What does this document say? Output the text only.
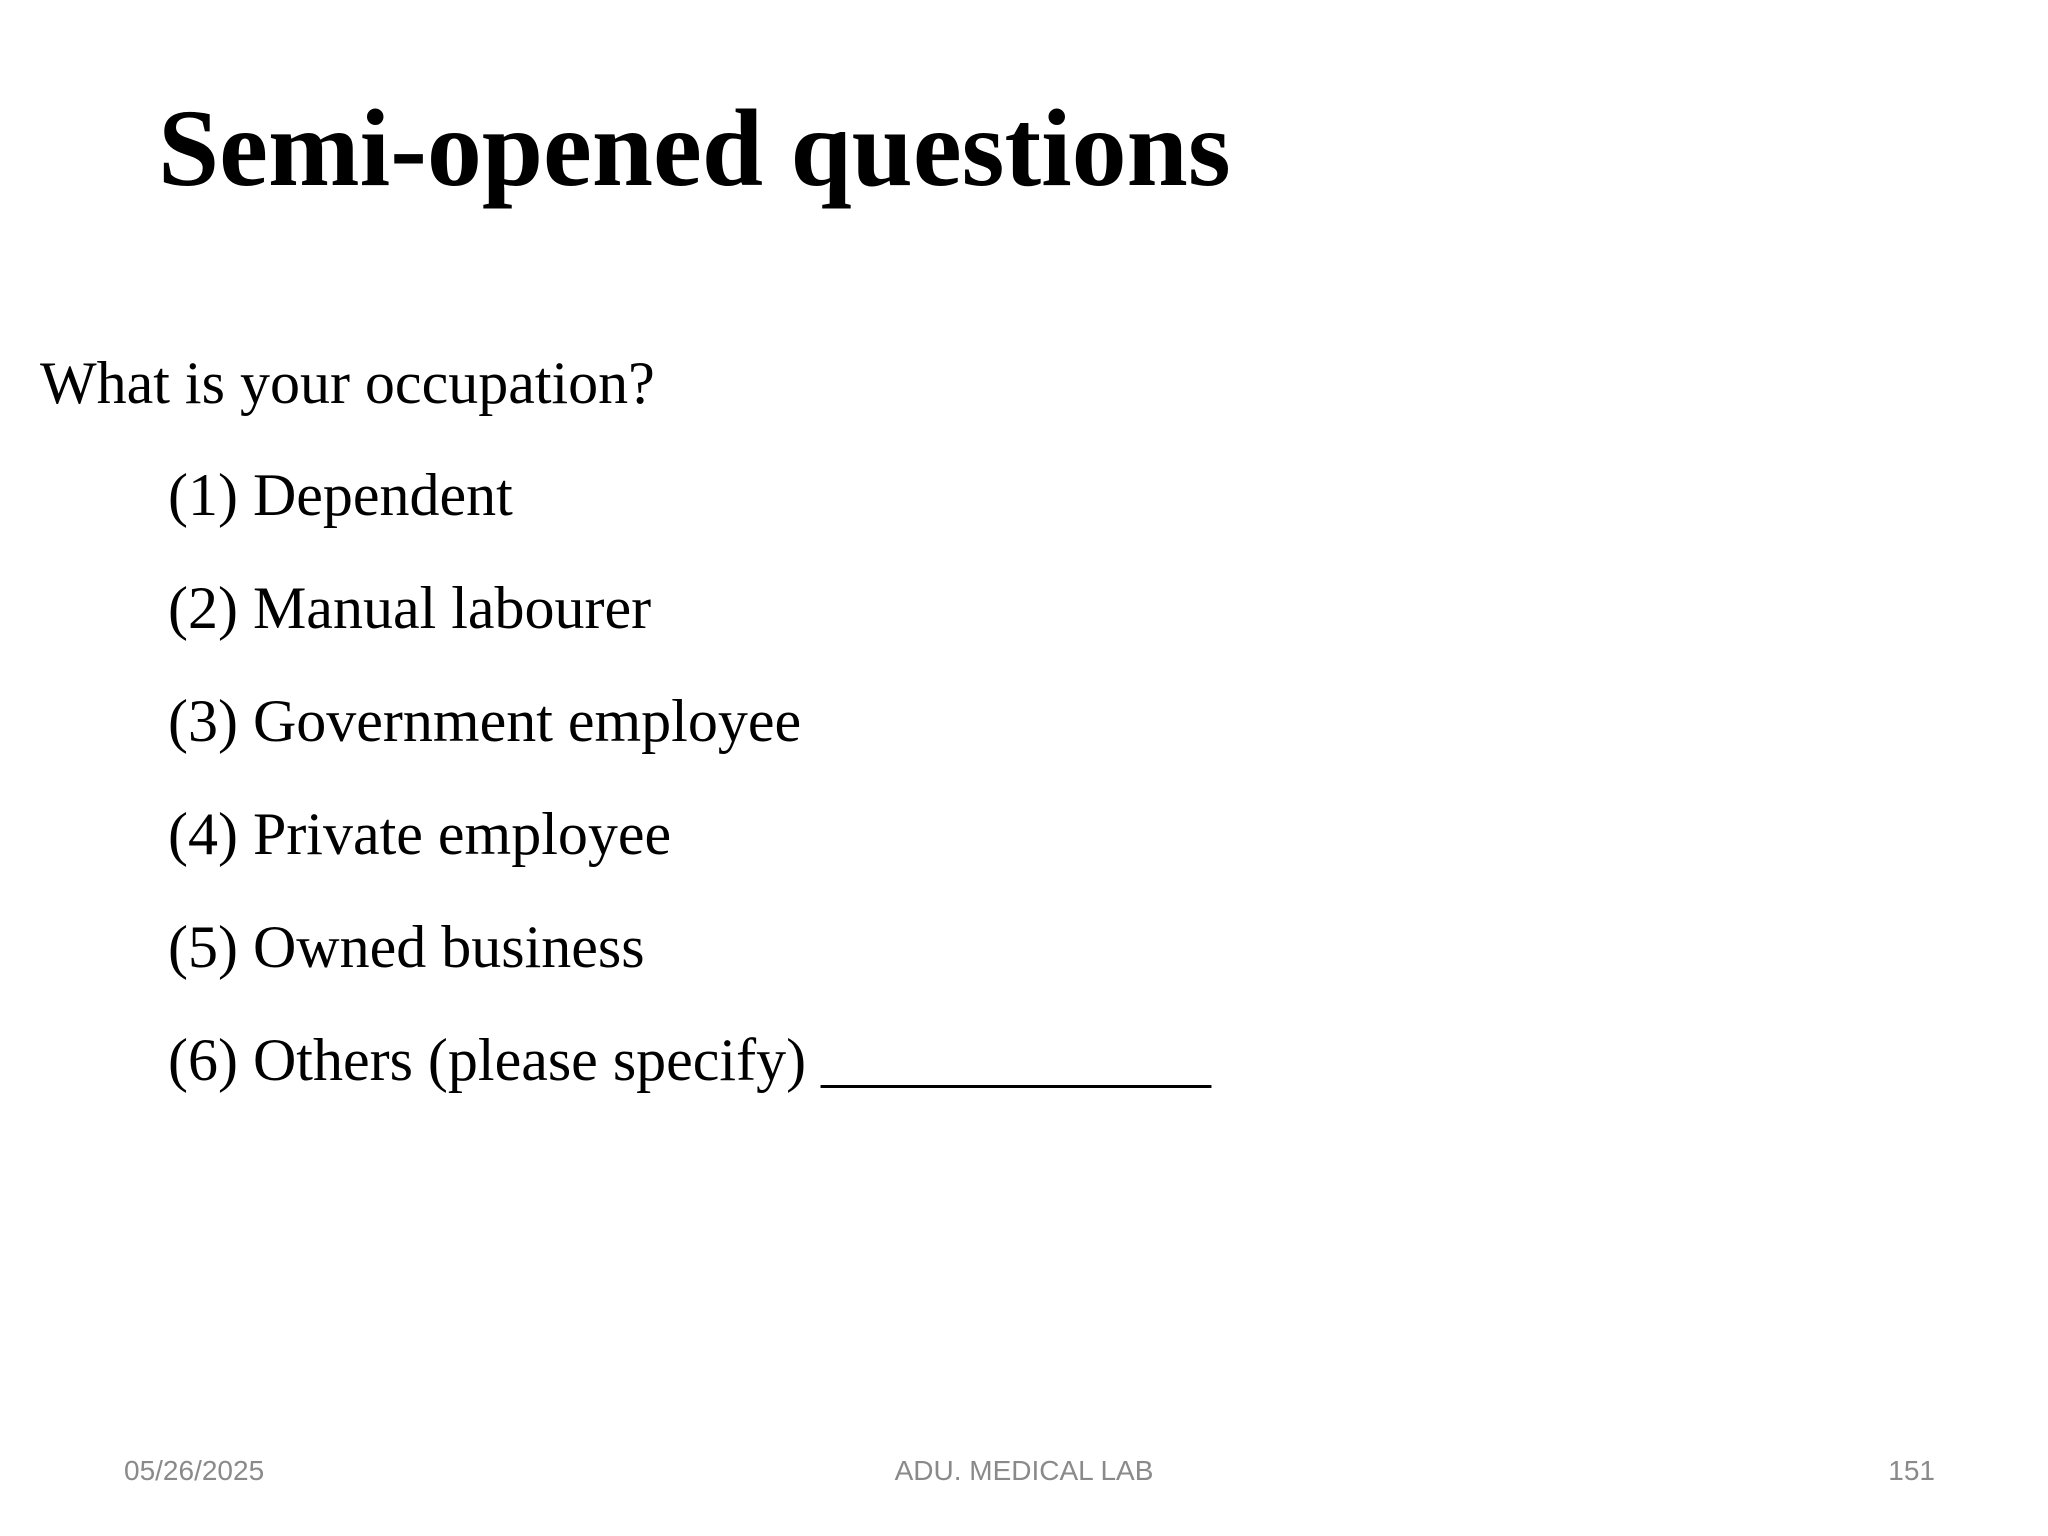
Semi-opened questions

What is your occupation?

(1) Dependent
(2) Manual labourer
(3) Government employee
(4) Private employee
(5) Owned business
(6) Others (please specify) _____________
05/26/2025	ADU. MEDICAL LAB	151
